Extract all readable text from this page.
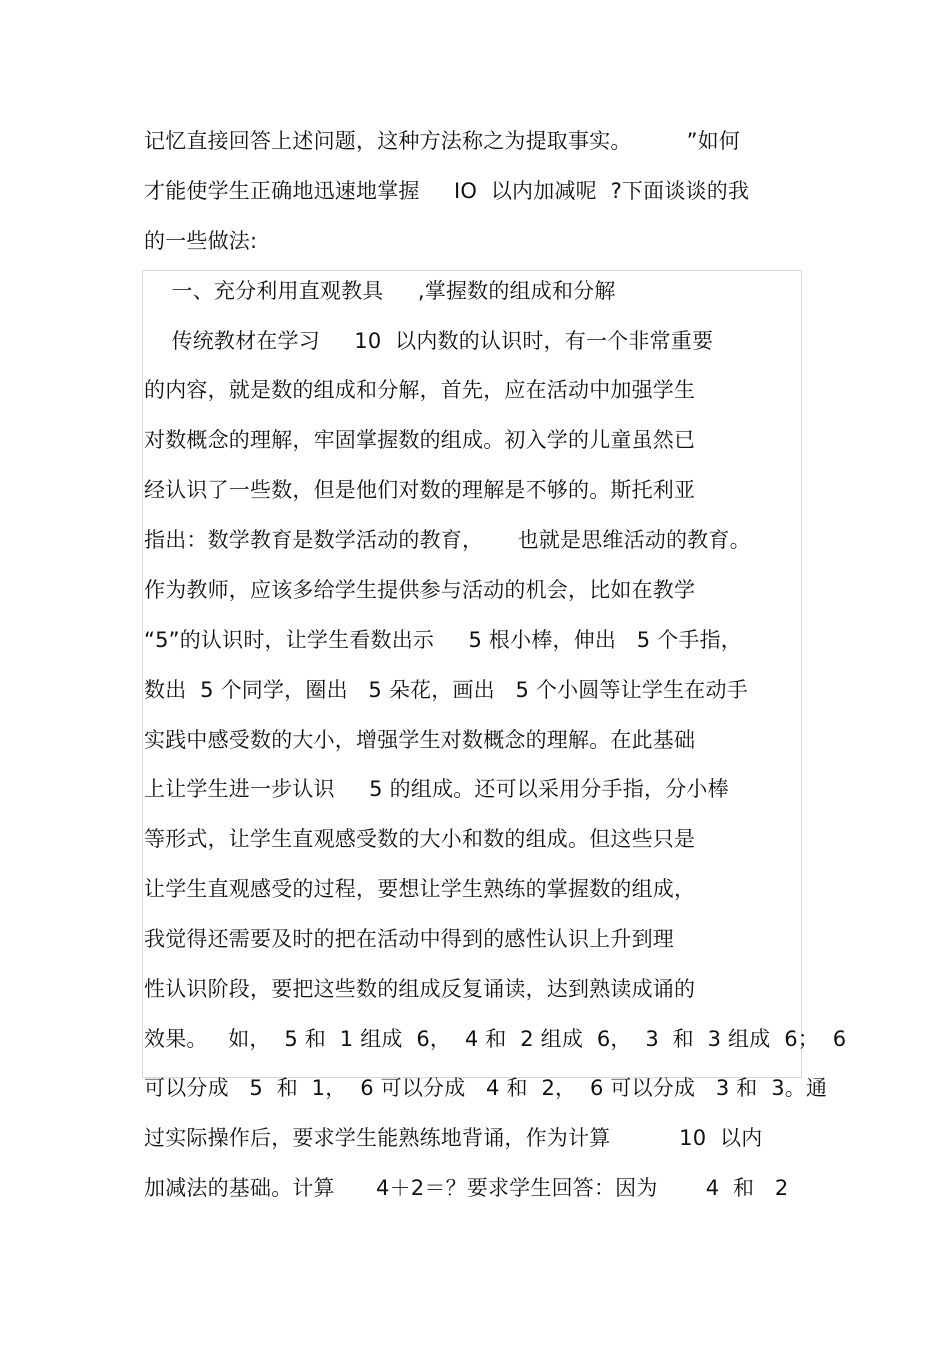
记忆直接回答上述问题，这种方法称之为提取事实。        ”如何
才能使学生正确地迅速地掌握     IO  以内加减呢  ?下面谈谈的我
的一些做法:
一、充分利用直观教具     ,掌握数的组成和分解
传统教材在学习     10  以内数的认识时，有一个非常重要
的内容，就是数的组成和分解，首先，应在活动中加强学生
对数概念的理解，牢固掌握数的组成。初入学的儿童虽然已
经认识了一些数，但是他们对数的理解是不够的。斯托利亚
指出：数学教育是数学活动的教育，     也就是思维活动的教育。
作为教师，应该多给学生提供参与活动的机会，比如在教学
“5”的认识时，让学生看数出示     5 根小棒，伸出   5 个手指，
数出  5 个同学，圈出   5 朵花，画出   5 个小圆等让学生在动手
实践中感受数的大小，增强学生对数概念的理解。在此基础
上让学生进一步认识     5 的组成。还可以采用分手指，分小棒
等形式，让学生直观感受数的大小和数的组成。但这些只是
让学生直观感受的过程，要想让学生熟练的掌握数的组成，
我觉得还需要及时的把在活动中得到的感性认识上升到理
性认识阶段，要把这些数的组成反复诵读，达到熟读成诵的
效果。   如，  5 和  1 组成  6，  4 和  2 组成  6，  3  和  3 组成  6；  6
可以分成   5  和  1，  6 可以分成   4 和  2，  6 可以分成   3 和  3。通
过实际操作后，要求学生能熟练地背诵，作为计算          10  以内
加减法的基础。计算      4＋2＝？要求学生回答：因为       4  和   2
